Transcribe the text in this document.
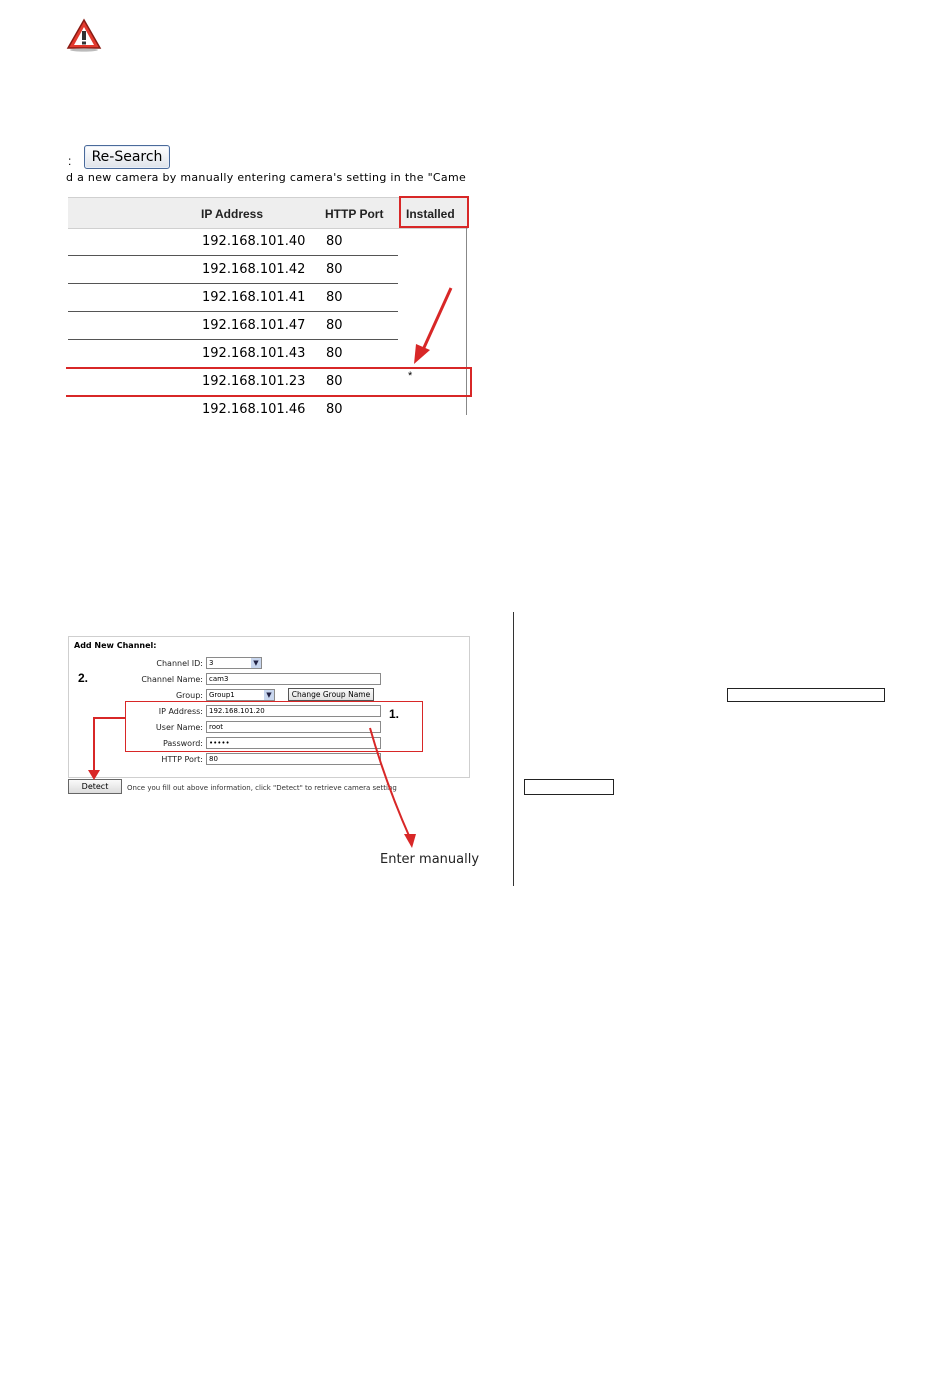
:	Re-Search
d a new camera by manually entering camera's setting in the "Came
IP Address	HTTP Port Installed
192.168.101.40 80
192.168.101.42 80
192.168.101.41 80
192.168.101.47 80
192.168.101.43 80
192.168.101.23 80	*
192.168.101.46 80
Add New Channel:
2.
1.
Channel ID: 3	▼
Channel Name: cam3
Group: Group1	▼	Change Group Name
IP Address: 192.168.101.20
User Name: root
Password: •••••
HTTP Port: 80
Detect	Once you fill out above information, click "Detect" to retrieve camera setting
Enter manually
